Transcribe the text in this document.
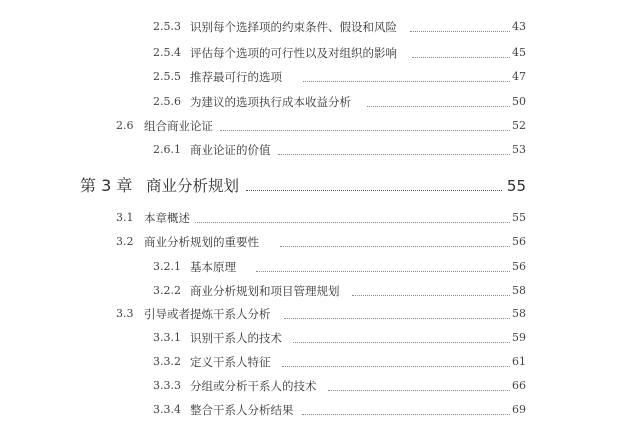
2.5.3 识别每个选择项的约束条件、假设和风险	43
2.5.4 评估每个选项的可行性以及对组织的影响	45
2.5.5 推荐最可行的选项	47
2.5.6 为建议的选项执行成本收益分析	50
2.6 组合商业论证	52
2.6.1 商业论证的价值	53
第 3 章 商业分析规划	55
3.1 本章概述	55
3.2 商业分析规划的重要性	56
3.2.1 基本原理	56
3.2.2 商业分析规划和项目管理规划	58
3.3 引导或者提炼干系人分析	58
3.3.1 识别干系人的技术	59
3.3.2 定义干系人特征	61
3.3.3 分组或分析干系人的技术	66
3.3.4 整合干系人分析结果	69
